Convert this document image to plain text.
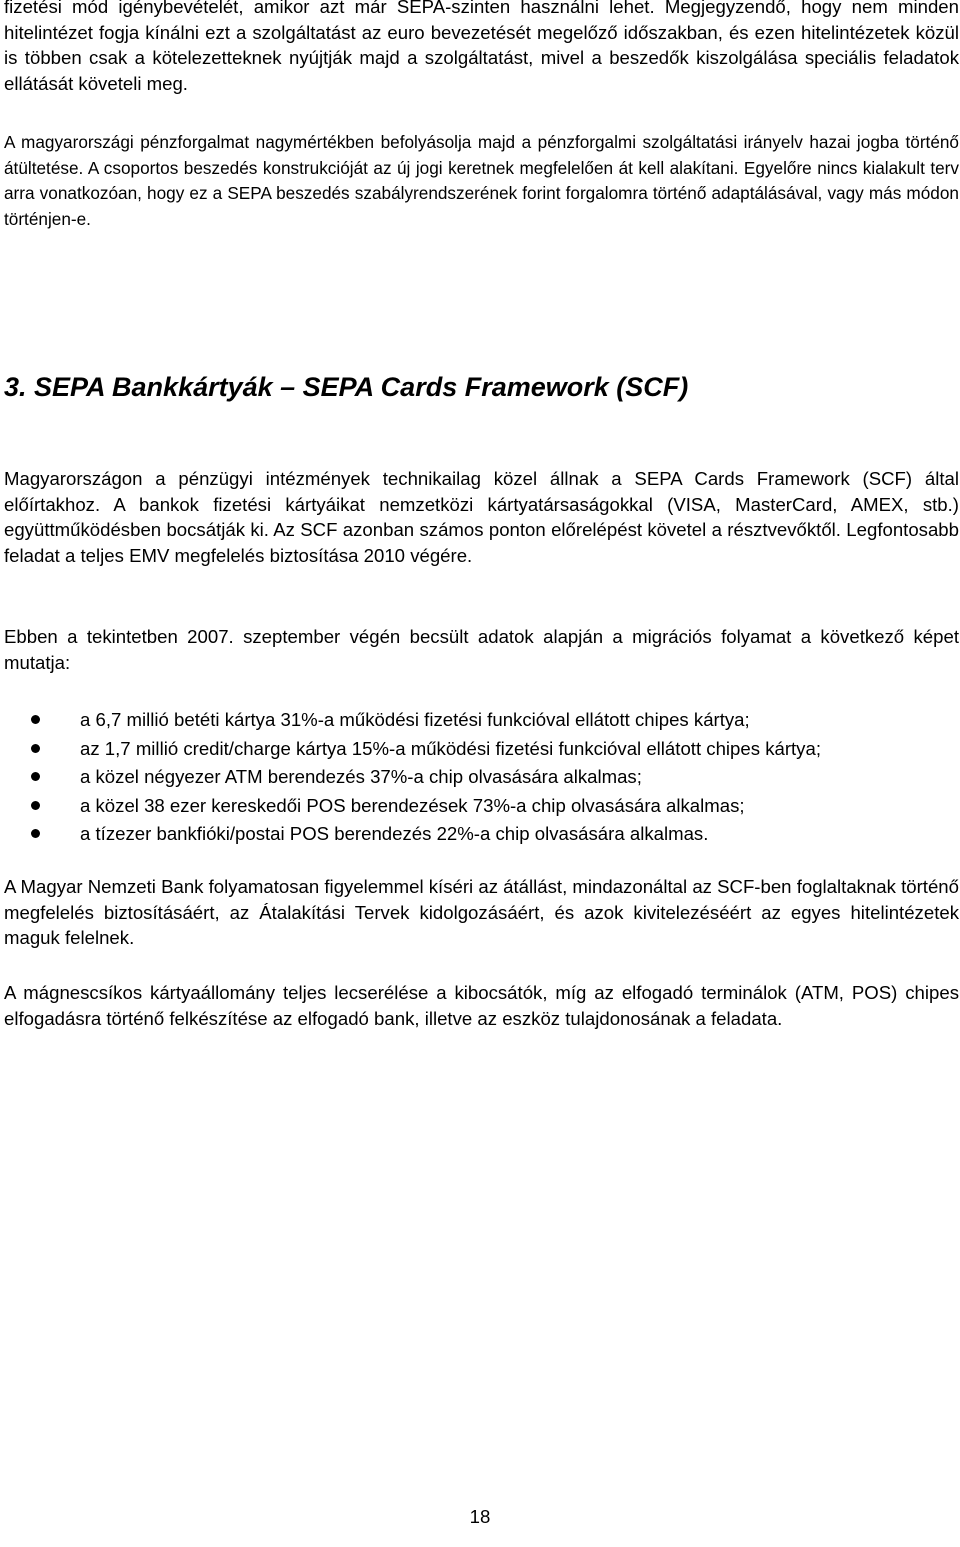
fizetési mód igénybevételét, amikor azt már SEPA-szinten használni lehet. Megjegyzendő, hogy nem minden hitelintézet fogja kínálni ezt a szolgáltatást az euro bevezetését megelőző időszakban, és ezen hitelintézetek közül is többen csak a kötelezetteknek nyújtják majd a szolgáltatást, mivel a beszedők kiszolgálása speciális feladatok ellátását követeli meg.

A magyarországi pénzforgalmat nagymértékben befolyásolja majd a pénzforgalmi szolgáltatási irányelv hazai jogba történő átültetése. A csoportos beszedés konstrukcióját az új jogi keretnek megfelelően át kell alakítani. Egyelőre nincs kialakult terv arra vonatkozóan, hogy ez a SEPA beszedés szabályrendszerének forint forgalomra történő adaptálásával, vagy más módon történjen-e.

3. SEPA Bankkártyák – SEPA Cards Framework (SCF)

Magyarországon a pénzügyi intézmények technikailag közel állnak a SEPA Cards Framework (SCF) által előírtakhoz. A bankok fizetési kártyáikat nemzetközi kártyatársaságokkal (VISA, MasterCard, AMEX, stb.) együttműködésben bocsátják ki. Az SCF azonban számos ponton előrelépést követel a résztvevőktől. Legfontosabb feladat a teljes EMV megfelelés biztosítása 2010 végére.

Ebben a tekintetben 2007. szeptember végén becsült adatok alapján a migrációs folyamat a következő képet mutatja:

a 6,7 millió betéti kártya 31%-a működési fizetési funkcióval ellátott chipes kártya;
az 1,7 millió credit/charge kártya 15%-a működési fizetési funkcióval ellátott chipes kártya;
a közel négyezer ATM berendezés 37%-a chip olvasására alkalmas;
a közel 38 ezer kereskedői POS berendezések 73%-a chip olvasására alkalmas;
a tízezer bankfióki/postai POS berendezés 22%-a chip olvasására alkalmas.

A Magyar Nemzeti Bank folyamatosan figyelemmel kíséri az átállást, mindazonáltal az SCF-ben foglaltaknak történő megfelelés biztosításáért, az Átalakítási Tervek kidolgozásáért, és azok kivitelezéséért az egyes hitelintézetek maguk felelnek.

A mágnescsíkos kártyaállomány teljes lecserélése a kibocsátók, míg az elfogadó terminálok (ATM, POS) chipes elfogadásra történő felkészítése az elfogadó bank, illetve az eszköz tulajdonosának a feladata.

18
